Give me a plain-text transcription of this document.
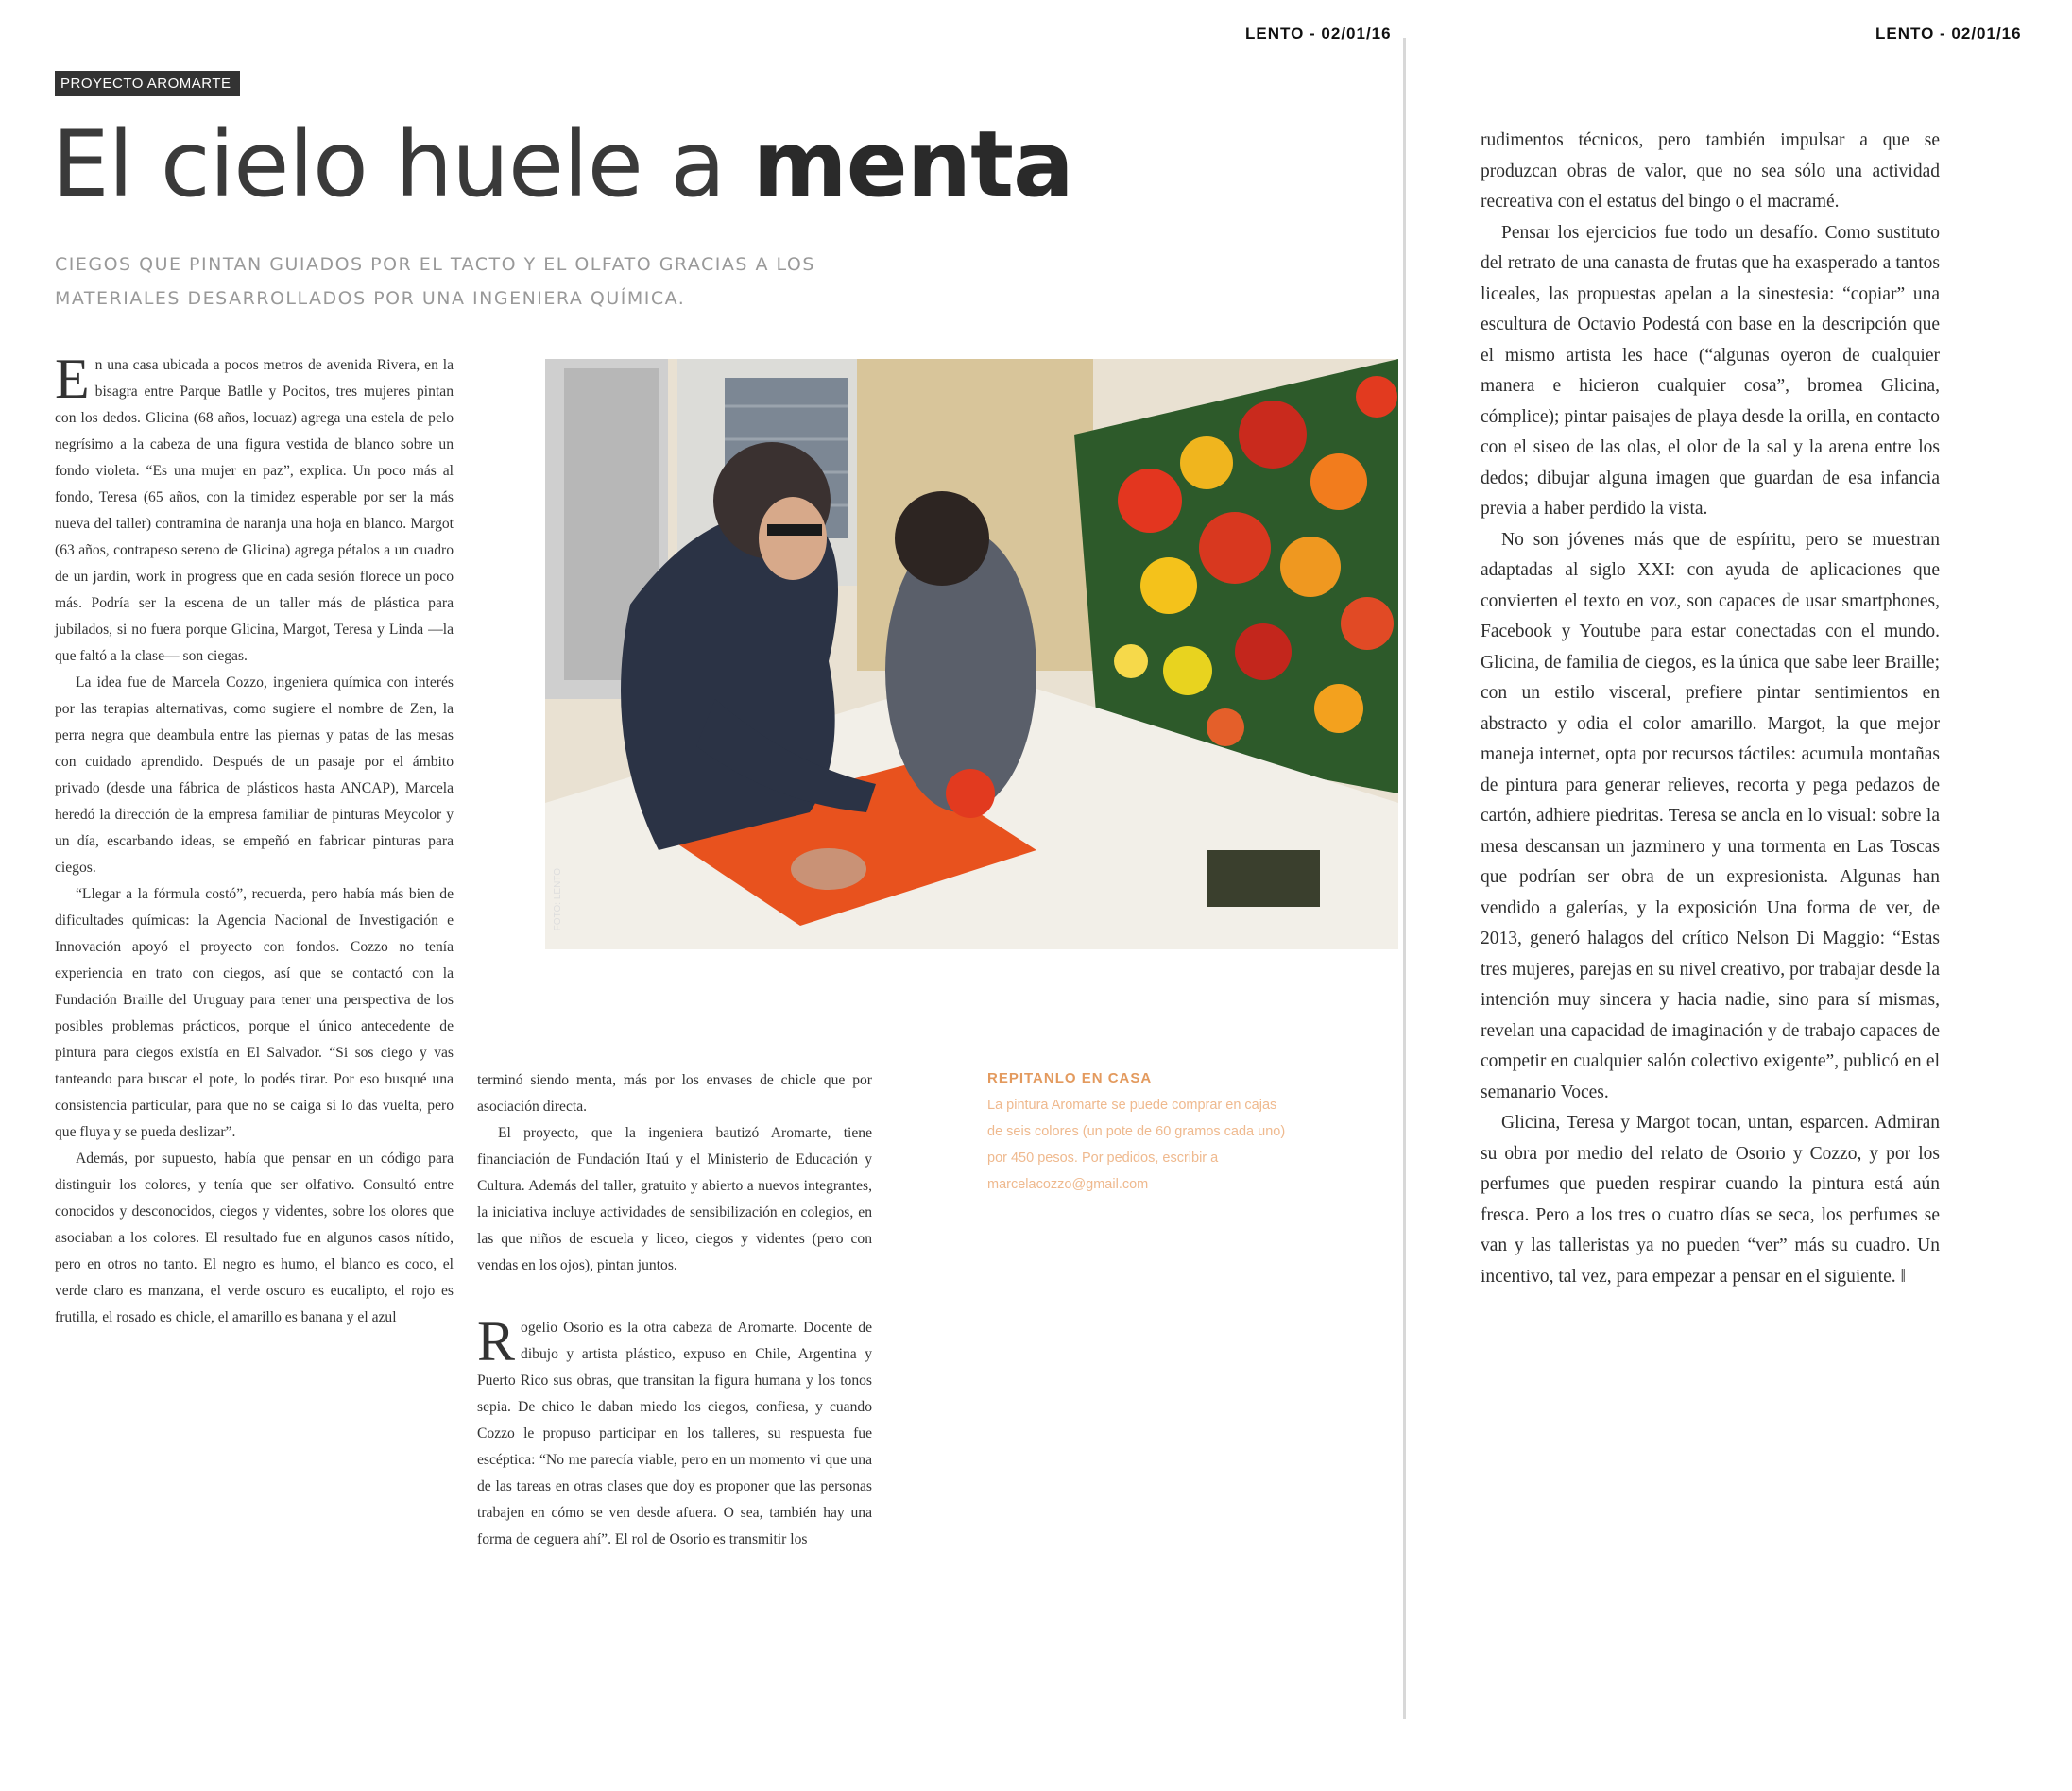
LENTO - 02/01/16	LENTO - 02/01/16
PROYECTO AROMARTE
El cielo huele a menta

CIEGOS QUE PINTAN GUIADOS POR EL TACTO Y EL OLFATO GRACIAS A LOS MATERIALES DESARROLLADOS POR UNA INGENIERA QUÍMICA.

En una casa ubicada a pocos metros de avenida Rivera, en la bisagra entre Parque Batlle y Pocitos, tres mujeres pintan con los dedos. Glicina (68 años, locuaz) agrega una estela de pelo negrísimo a la cabeza de una figura vestida de blanco sobre un fondo violeta. “Es una mujer en paz”, explica. Un poco más al fondo, Teresa (65 años, con la timidez esperable por ser la más nueva del taller) contramina de naranja una hoja en blanco. Margot (63 años, contrapeso sereno de Glicina) agrega pétalos a un cuadro de un jardín, work in progress que en cada sesión florece un poco más. Podría ser la escena de un taller más de plástica para jubilados, si no fuera porque Glicina, Margot, Teresa y Linda —la que faltó a la clase— son ciegas.

La idea fue de Marcela Cozzo, ingeniera química con interés por las terapias alternativas, como sugiere el nombre de Zen, la perra negra que deambula entre las piernas y patas de las mesas con cuidado aprendido. Después de un pasaje por el ámbito privado (desde una fábrica de plásticos hasta ANCAP), Marcela heredó la dirección de la empresa familiar de pinturas Meycolor y un día, escarbando ideas, se empeñó en fabricar pinturas para ciegos.

“Llegar a la fórmula costó”, recuerda, pero había más bien de dificultades químicas: la Agencia Nacional de Investigación e Innovación apoyó el proyecto con fondos. Cozzo no tenía experiencia en trato con ciegos, así que se contactó con la Fundación Braille del Uruguay para tener una perspectiva de los posibles problemas prácticos, porque el único antecedente de pintura para ciegos existía en El Salvador. “Si sos ciego y vas tanteando para buscar el pote, lo podés tirar. Por eso busqué una consistencia particular, para que no se caiga si lo das vuelta, pero que fluya y se pueda deslizar”.

Además, por supuesto, había que pensar en un código para distinguir los colores, y tenía que ser olfativo. Consultó entre conocidos y desconocidos, ciegos y videntes, sobre los olores que asociaban a los colores. El resultado fue en algunos casos nítido, pero en otros no tanto. El negro es humo, el blanco es coco, el verde claro es manzana, el verde oscuro es eucalipto, el rojo es frutilla, el rosado es chicle, el amarillo es banana y el azul

FOTO: LENTO

terminó siendo menta, más por los envases de chicle que por asociación directa.

El proyecto, que la ingeniera bautizó Aromarte, tiene financiación de Fundación Itaú y el Ministerio de Educación y Cultura. Además del taller, gratuito y abierto a nuevos integrantes, la iniciativa incluye actividades de sensibilización en colegios, en las que niños de escuela y liceo, ciegos y videntes (pero con vendas en los ojos), pintan juntos.

Rogelio Osorio es la otra cabeza de Aromarte. Docente de dibujo y artista plástico, expuso en Chile, Argentina y Puerto Rico sus obras, que transitan la figura humana y los tonos sepia. De chico le daban miedo los ciegos, confiesa, y cuando Cozzo le propuso participar en los talleres, su respuesta fue escéptica: “No me parecía viable, pero en un momento vi que una de las tareas en otras clases que doy es proponer que las personas trabajen en cómo se ven desde afuera. O sea, también hay una forma de ceguera ahí”. El rol de Osorio es transmitir los

REPITANLO EN CASA

La pintura Aromarte se puede comprar en cajas de seis colores (un pote de 60 gramos cada uno) por 450 pesos. Por pedidos, escribir a marcelacozzo@gmail.com

rudimentos técnicos, pero también impulsar a que se produzcan obras de valor, que no sea sólo una actividad recreativa con el estatus del bingo o el macramé.

Pensar los ejercicios fue todo un desafío. Como sustituto del retrato de una canasta de frutas que ha exasperado a tantos liceales, las propuestas apelan a la sinestesia: “copiar” una escultura de Octavio Podestá con base en la descripción que el mismo artista les hace (“algunas oyeron de cualquier manera e hicieron cualquier cosa”, bromea Glicina, cómplice); pintar paisajes de playa desde la orilla, en contacto con el siseo de las olas, el olor de la sal y la arena entre los dedos; dibujar alguna imagen que guardan de esa infancia previa a haber perdido la vista.

No son jóvenes más que de espíritu, pero se muestran adaptadas al siglo XXI: con ayuda de aplicaciones que convierten el texto en voz, son capaces de usar smartphones, Facebook y Youtube para estar conectadas con el mundo. Glicina, de familia de ciegos, es la única que sabe leer Braille; con un estilo visceral, prefiere pintar sentimientos en abstracto y odia el color amarillo. Margot, la que mejor maneja internet, opta por recursos táctiles: acumula montañas de pintura para generar relieves, recorta y pega pedazos de cartón, adhiere piedritas. Teresa se ancla en lo visual: sobre la mesa descansan un jazminero y una tormenta en Las Toscas que podrían ser obra de un expresionista. Algunas han vendido a galerías, y la exposición Una forma de ver, de 2013, generó halagos del crítico Nelson Di Maggio: “Estas tres mujeres, parejas en su nivel creativo, por trabajar desde la intención muy sincera y hacia nadie, sino para sí mismas, revelan una capacidad de imaginación y de trabajo capaces de competir en cualquier salón colectivo exigente”, publicó en el semanario Voces.

Glicina, Teresa y Margot tocan, untan, esparcen. Admiran su obra por medio del relato de Osorio y Cozzo, y por los perfumes que pueden respirar cuando la pintura está aún fresca. Pero a los tres o cuatro días se seca, los perfumes se van y las talleristas ya no pueden “ver” más su cuadro. Un incentivo, tal vez, para empezar a pensar en el siguiente. ‖
